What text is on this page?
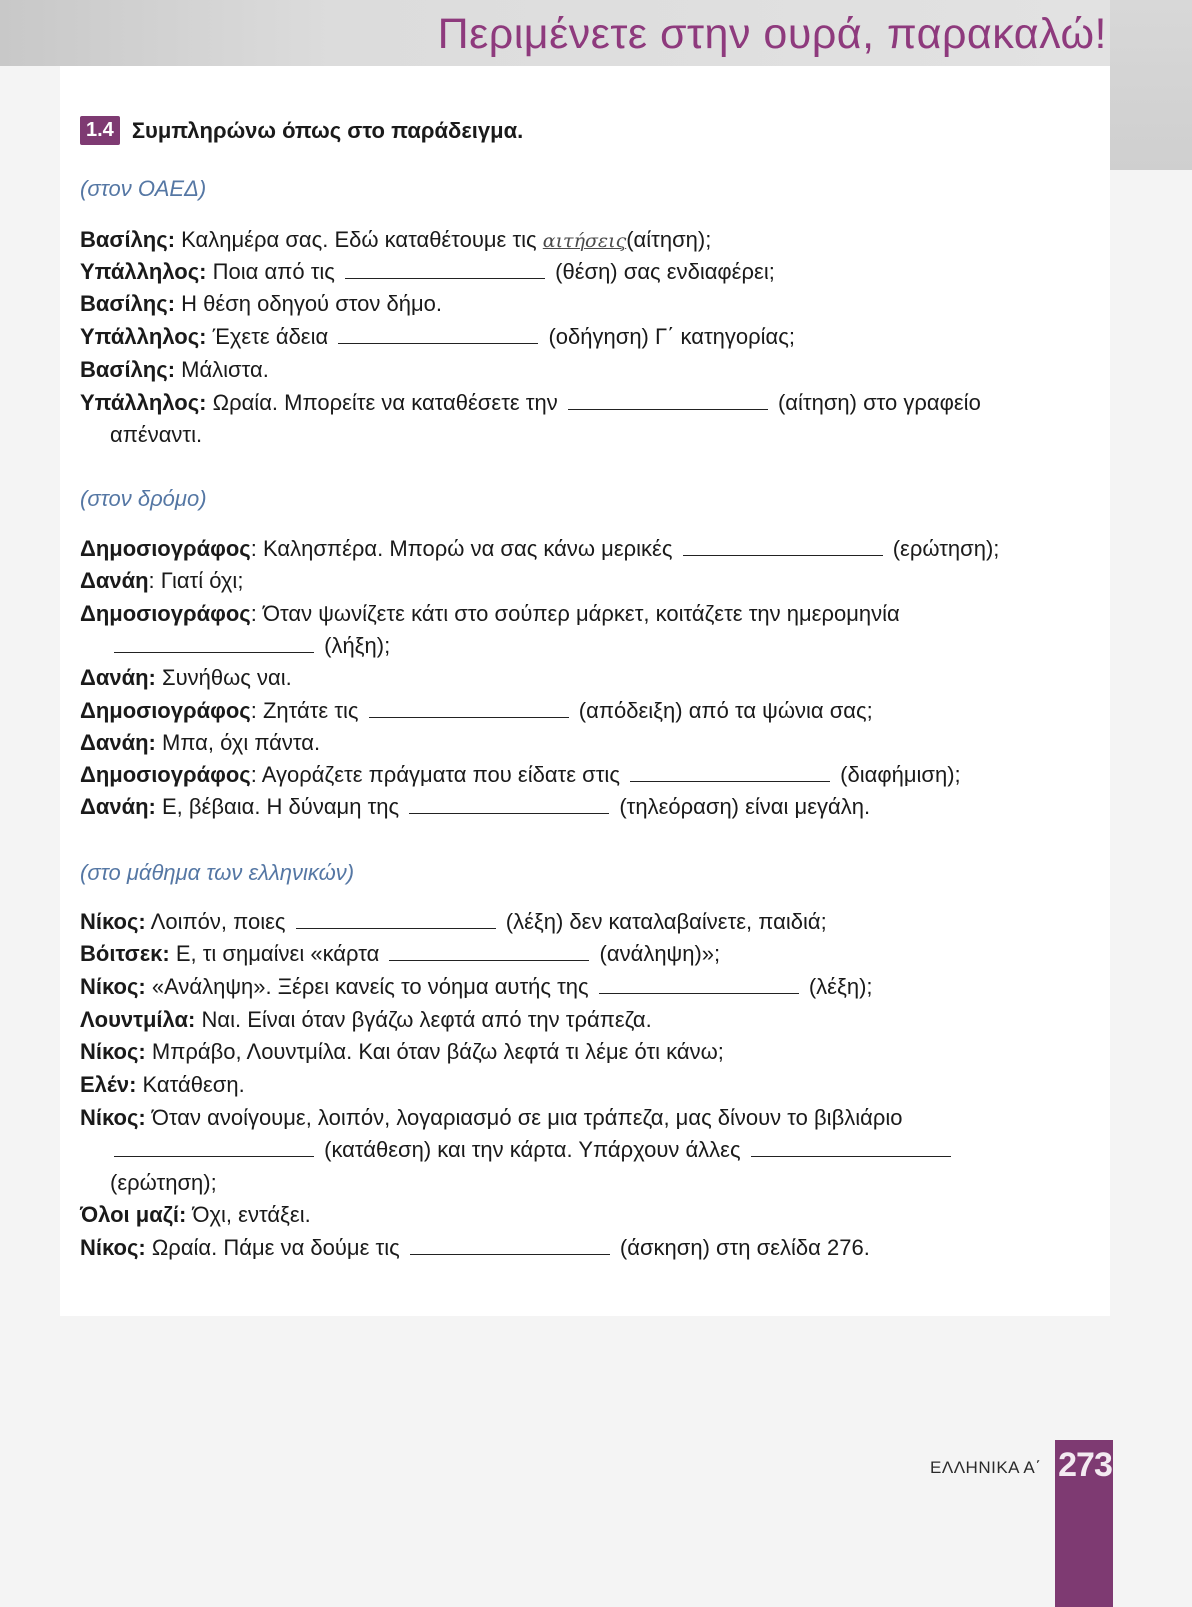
Περιμένετε στην ουρά, παρακαλώ!
1.4 Συμπληρώνω όπως στο παράδειγμα.
(στον ΟΑΕΔ)
Βασίλης: Καλημέρα σας. Εδώ καταθέτουμε τις αιτήσεις(αίτηση);
Υπάλληλος: Ποια από τις	(θέση) σας ενδιαφέρει;
Βασίλης: Η θέση οδηγού στον δήμο.
Υπάλληλος: Έχετε άδεια	(οδήγηση) Γ΄ κατηγορίας;
Βασίλης: Μάλιστα.
Υπάλληλος: Ωραία. Μπορείτε να καταθέσετε την	(αίτηση) στο γραφείο
απέναντι.
(στον δρόμο)
Δημοσιογράφος: Καλησπέρα. Μπορώ να σας κάνω μερικές	(ερώτηση);
Δανάη: Γιατί όχι;
Δημοσιογράφος: Όταν ψωνίζετε κάτι στο σούπερ μάρκετ, κοιτάζετε την ημερομηνία
(λήξη);
Δανάη: Συνήθως ναι.
Δημοσιογράφος: Ζητάτε τις	(απόδειξη) από τα ψώνια σας;
Δανάη: Μπα, όχι πάντα.
Δημοσιογράφος: Αγοράζετε πράγματα που είδατε στις	(διαφήμιση);
Δανάη: Ε, βέβαια. Η δύναμη της	(τηλεόραση) είναι μεγάλη.
(στο μάθημα των ελληνικών)
Νίκος: Λοιπόν, ποιες	(λέξη) δεν καταλαβαίνετε, παιδιά;
Βόιτσεκ: Ε, τι σημαίνει «κάρτα	(ανάληψη)»;
Νίκος: «Ανάληψη». Ξέρει κανείς το νόημα αυτής της	(λέξη);
Λουντμίλα: Ναι. Είναι όταν βγάζω λεφτά από την τράπεζα.
Νίκος: Μπράβο, Λουντμίλα. Και όταν βάζω λεφτά τι λέμε ότι κάνω;
Ελέν: Κατάθεση.
Νίκος: Όταν ανοίγουμε, λοιπόν, λογαριασμό σε μια τράπεζα, μας δίνουν το βιβλιάριο
(κατάθεση) και την κάρτα. Υπάρχουν άλλες
(ερώτηση);
Όλοι μαζί: Όχι, εντάξει.
Νίκος: Ωραία. Πάμε να δούμε τις	(άσκηση) στη σελίδα 276.
ΕΛΛΗΝΙΚΑ Α΄ 273
